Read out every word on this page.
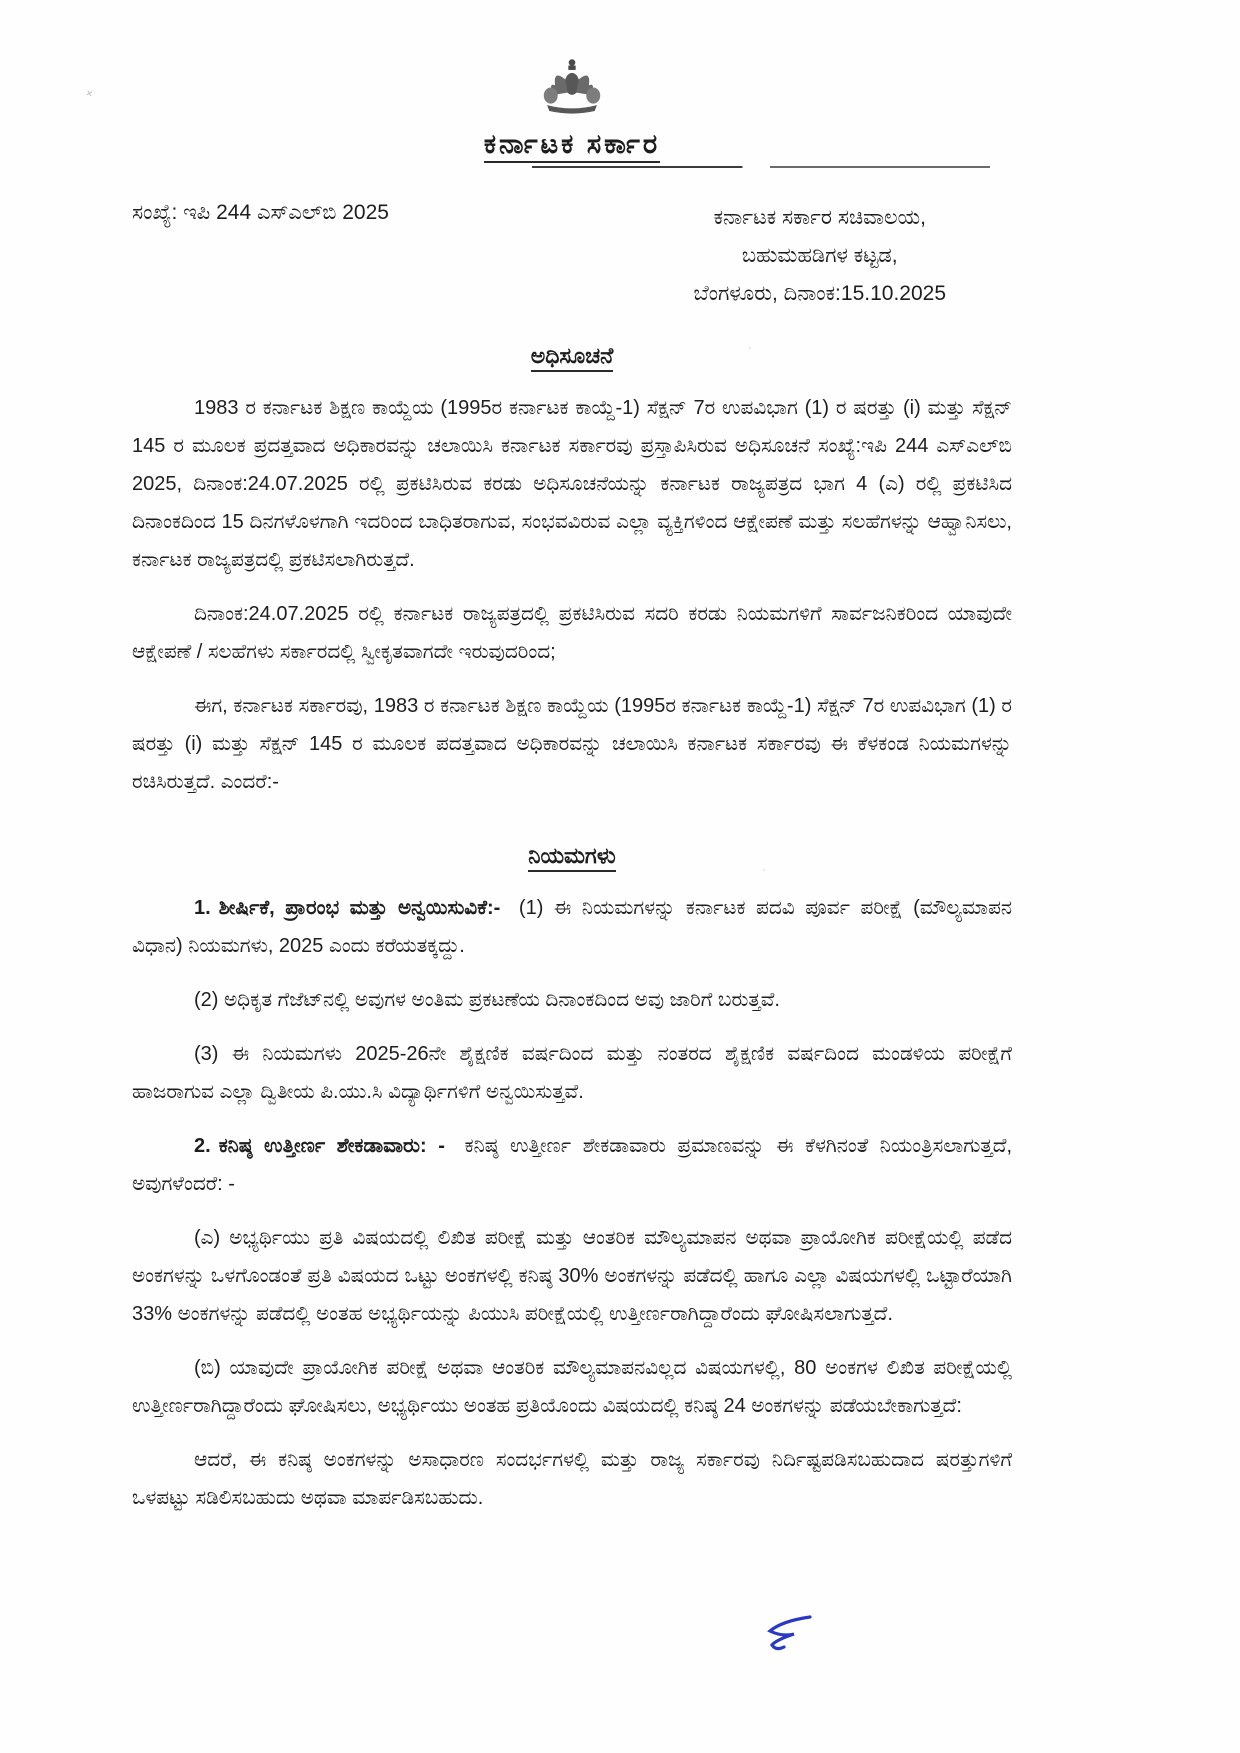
×
·
·
ಕರ್ನಾಟಕ ಸರ್ಕಾರ
ಸಂಖ್ಯೆ: ಇಪಿ 244 ಎಸ್‌ಎಲ್‌ಬಿ 2025	ಕರ್ನಾಟಕ ಸರ್ಕಾರ ಸಚಿವಾಲಯ,
ಬಹುಮಹಡಿಗಳ ಕಟ್ಟಡ,
ಬೆಂಗಳೂರು, ದಿನಾಂಕ:15.10.2025
ಅಧಿಸೂಚನೆ

1983 ರ ಕರ್ನಾಟಕ ಶಿಕ್ಷಣ ಕಾಯ್ದೆಯ (1995ರ ಕರ್ನಾಟಕ ಕಾಯ್ದೆ-1) ಸೆಕ್ಷನ್ 7ರ ಉಪವಿಭಾಗ (1) ರ ಷರತ್ತು (i) ಮತ್ತು ಸೆಕ್ಷನ್ 145 ರ ಮೂಲಕ ಪ್ರದತ್ತವಾದ ಅಧಿಕಾರವನ್ನು ಚಲಾಯಿಸಿ ಕರ್ನಾಟಕ ಸರ್ಕಾರವು ಪ್ರಸ್ತಾಪಿಸಿರುವ ಅಧಿಸೂಚನೆ ಸಂಖ್ಯೆ:ಇಪಿ 244 ಎಸ್‌ಎಲ್‌ಬಿ 2025, ದಿನಾಂಕ:24.07.2025 ರಲ್ಲಿ ಪ್ರಕಟಿಸಿರುವ ಕರಡು ಅಧಿಸೂಚನೆಯನ್ನು ಕರ್ನಾಟಕ ರಾಜ್ಯಪತ್ರದ ಭಾಗ 4 (ಎ) ರಲ್ಲಿ ಪ್ರಕಟಿಸಿದ ದಿನಾಂಕದಿಂದ 15 ದಿನಗಳೊಳಗಾಗಿ ಇದರಿಂದ ಬಾಧಿತರಾಗುವ, ಸಂಭವವಿರುವ ಎಲ್ಲಾ ವ್ಯಕ್ತಿಗಳಿಂದ ಆಕ್ಷೇಪಣೆ ಮತ್ತು ಸಲಹೆಗಳನ್ನು ಆಹ್ವಾನಿಸಲು, ಕರ್ನಾಟಕ ರಾಜ್ಯಪತ್ರದಲ್ಲಿ ಪ್ರಕಟಿಸಲಾಗಿರುತ್ತದೆ.

ದಿನಾಂಕ:24.07.2025 ರಲ್ಲಿ ಕರ್ನಾಟಕ ರಾಜ್ಯಪತ್ರದಲ್ಲಿ ಪ್ರಕಟಿಸಿರುವ ಸದರಿ ಕರಡು ನಿಯಮಗಳಿಗೆ ಸಾರ್ವಜನಿಕರಿಂದ ಯಾವುದೇ ಆಕ್ಷೇಪಣೆ / ಸಲಹೆಗಳು ಸರ್ಕಾರದಲ್ಲಿ ಸ್ವೀಕೃತವಾಗದೇ ಇರುವುದರಿಂದ;

ಈಗ, ಕರ್ನಾಟಕ ಸರ್ಕಾರವು, 1983 ರ ಕರ್ನಾಟಕ ಶಿಕ್ಷಣ ಕಾಯ್ದೆಯ (1995ರ ಕರ್ನಾಟಕ ಕಾಯ್ದೆ-1) ಸೆಕ್ಷನ್ 7ರ ಉಪವಿಭಾಗ (1) ರ ಷರತ್ತು (i) ಮತ್ತು ಸೆಕ್ಷನ್ 145 ರ ಮೂಲಕ ಪದತ್ತವಾದ ಅಧಿಕಾರವನ್ನು ಚಲಾಯಿಸಿ ಕರ್ನಾಟಕ ಸರ್ಕಾರವು ಈ ಕೆಳಕಂಡ ನಿಯಮಗಳನ್ನು ರಚಿಸಿರುತ್ತದೆ. ಎಂದರೆ:-

ನಿಯಮಗಳು

1. ಶೀರ್ಷಿಕೆ, ಪ್ರಾರಂಭ ಮತ್ತು ಅನ್ವಯಿಸುವಿಕೆ:- (1) ಈ ನಿಯಮಗಳನ್ನು ಕರ್ನಾಟಕ ಪದವಿ ಪೂರ್ವ ಪರೀಕ್ಷೆ (ಮೌಲ್ಯಮಾಪನ ವಿಧಾನ) ನಿಯಮಗಳು, 2025 ಎಂದು ಕರೆಯತಕ್ಕದ್ದು.

(2) ಅಧಿಕೃತ ಗೆಜೆಟ್‌ನಲ್ಲಿ ಅವುಗಳ ಅಂತಿಮ ಪ್ರಕಟಣೆಯ ದಿನಾಂಕದಿಂದ ಅವು ಜಾರಿಗೆ ಬರುತ್ತವೆ.

(3) ಈ ನಿಯಮಗಳು 2025-26ನೇ ಶೈಕ್ಷಣಿಕ ವರ್ಷದಿಂದ ಮತ್ತು ನಂತರದ ಶೈಕ್ಷಣಿಕ ವರ್ಷದಿಂದ ಮಂಡಳಿಯ ಪರೀಕ್ಷೆಗೆ ಹಾಜರಾಗುವ ಎಲ್ಲಾ ದ್ವಿತೀಯ ಪಿ.ಯು.ಸಿ ವಿದ್ಯಾರ್ಥಿಗಳಿಗೆ ಅನ್ವಯಿಸುತ್ತವೆ.

2. ಕನಿಷ್ಠ ಉತ್ತೀರ್ಣ ಶೇಕಡಾವಾರು: - ಕನಿಷ್ಠ ಉತ್ತೀರ್ಣ ಶೇಕಡಾವಾರು ಪ್ರಮಾಣವನ್ನು ಈ ಕೆಳಗಿನಂತೆ ನಿಯಂತ್ರಿಸಲಾಗುತ್ತದೆ, ಅವುಗಳೆಂದರೆ: -

(ಎ) ಅಭ್ಯರ್ಥಿಯು ಪ್ರತಿ ವಿಷಯದಲ್ಲಿ ಲಿಖಿತ ಪರೀಕ್ಷೆ ಮತ್ತು ಆಂತರಿಕ ಮೌಲ್ಯಮಾಪನ ಅಥವಾ ಪ್ರಾಯೋಗಿಕ ಪರೀಕ್ಷೆಯಲ್ಲಿ ಪಡೆದ ಅಂಕಗಳನ್ನು ಒಳಗೊಂಡಂತೆ ಪ್ರತಿ ವಿಷಯದ ಒಟ್ಟು ಅಂಕಗಳಲ್ಲಿ ಕನಿಷ್ಠ 30% ಅಂಕಗಳನ್ನು ಪಡೆದಲ್ಲಿ ಹಾಗೂ ಎಲ್ಲಾ ವಿಷಯಗಳಲ್ಲಿ ಒಟ್ಟಾರೆಯಾಗಿ 33% ಅಂಕಗಳನ್ನು ಪಡೆದಲ್ಲಿ ಅಂತಹ ಅಭ್ಯರ್ಥಿಯನ್ನು ಪಿಯುಸಿ ಪರೀಕ್ಷೆಯಲ್ಲಿ ಉತ್ತೀರ್ಣರಾಗಿದ್ದಾರೆಂದು ಘೋಷಿಸಲಾಗುತ್ತದೆ.

(ಬಿ) ಯಾವುದೇ ಪ್ರಾಯೋಗಿಕ ಪರೀಕ್ಷೆ ಅಥವಾ ಆಂತರಿಕ ಮೌಲ್ಯಮಾಪನವಿಲ್ಲದ ವಿಷಯಗಳಲ್ಲಿ, 80 ಅಂಕಗಳ ಲಿಖಿತ ಪರೀಕ್ಷೆಯಲ್ಲಿ ಉತ್ತೀರ್ಣರಾಗಿದ್ದಾರೆಂದು ಘೋಷಿಸಲು, ಅಭ್ಯರ್ಥಿಯು ಅಂತಹ ಪ್ರತಿಯೊಂದು ವಿಷಯದಲ್ಲಿ ಕನಿಷ್ಠ 24 ಅಂಕಗಳನ್ನು ಪಡೆಯಬೇಕಾಗುತ್ತದೆ:

ಆದರೆ, ಈ ಕನಿಷ್ಠ ಅಂಕಗಳನ್ನು ಅಸಾಧಾರಣ ಸಂದರ್ಭಗಳಲ್ಲಿ ಮತ್ತು ರಾಜ್ಯ ಸರ್ಕಾರವು ನಿರ್ದಿಷ್ಟಪಡಿಸಬಹುದಾದ ಷರತ್ತುಗಳಿಗೆ ಒಳಪಟ್ಟು ಸಡಿಲಿಸಬಹುದು ಅಥವಾ ಮಾರ್ಪಡಿಸಬಹುದು.
